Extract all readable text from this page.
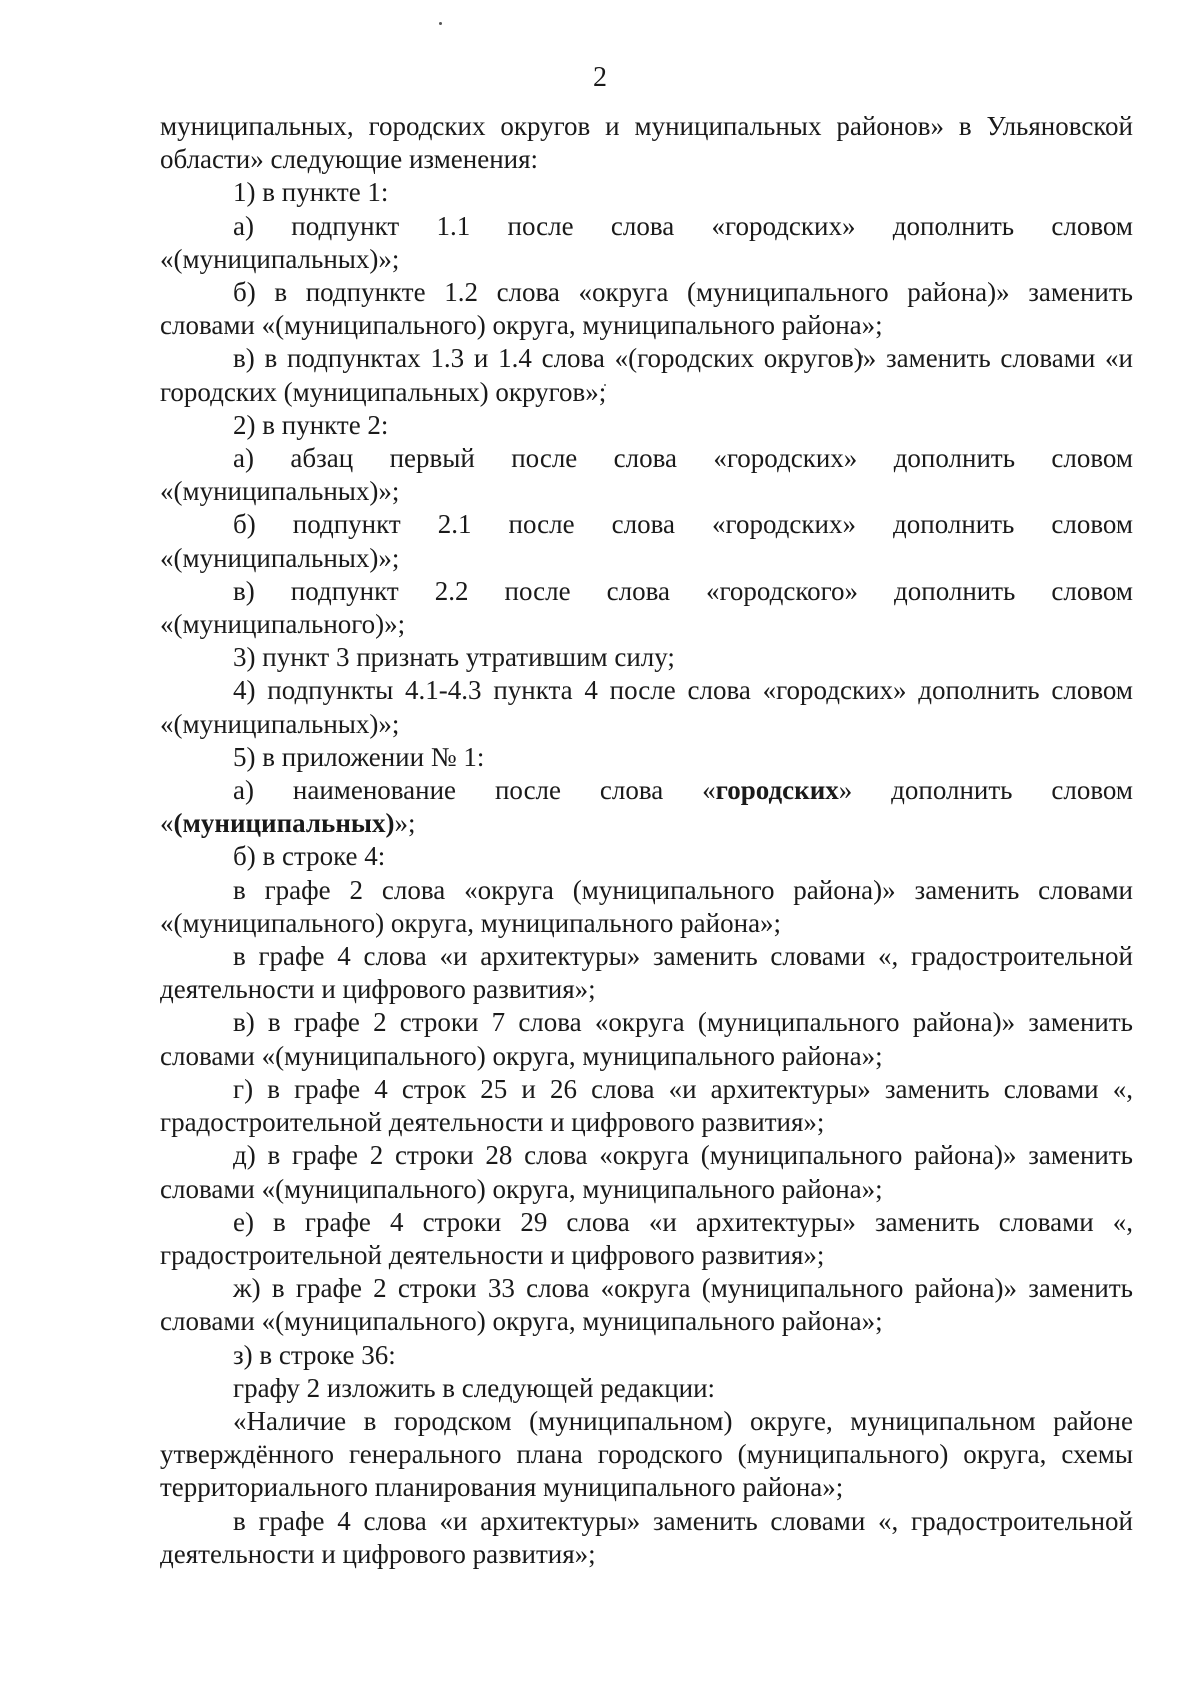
2

муниципальных, городских округов и муниципальных районов» в Ульяновской области» следующие изменения:

1) в пункте 1:

а) подпункт 1.1 после слова «городских» дополнить словом «(муниципальных)»;

б) в подпункте 1.2 слова «округа (муниципального района)» заменить словами «(муниципального) округа, муниципального района»;

в) в подпунктах 1.3 и 1.4 слова «(городских округов)» заменить словами «и городских (муниципальных) округов»;

2) в пункте 2:

а) абзац первый после слова «городских» дополнить словом «(муниципальных)»;

б) подпункт 2.1 после слова «городских» дополнить словом «(муниципальных)»;

в) подпункт 2.2 после слова «городского» дополнить словом «(муниципального)»;

3) пункт 3 признать утратившим силу;

4) подпункты 4.1-4.3 пункта 4 после слова «городских» дополнить словом «(муниципальных)»;

5) в приложении № 1:

а) наименование после слова «городских» дополнить словом «(муниципальных)»;

б) в строке 4:

в графе 2 слова «округа (муниципального района)» заменить словами «(муниципального) округа, муниципального района»;

в графе 4 слова «и архитектуры» заменить словами «, градостроительной деятельности и цифрового развития»;

в) в графе 2 строки 7 слова «округа (муниципального района)» заменить словами «(муниципального) округа, муниципального района»;

г) в графе 4 строк 25 и 26 слова «и архитектуры» заменить словами «, градостроительной деятельности и цифрового развития»;

д) в графе 2 строки 28 слова «округа (муниципального района)» заменить словами «(муниципального) округа, муниципального района»;

е) в графе 4 строки 29 слова «и архитектуры» заменить словами «, градостроительной деятельности и цифрового развития»;

ж) в графе 2 строки 33 слова «округа (муниципального района)» заменить словами «(муниципального) округа, муниципального района»;

з) в строке 36:

графу 2 изложить в следующей редакции:

«Наличие в городском (муниципальном) округе, муниципальном районе утверждённого генерального плана городского (муниципального) округа, схемы территориального планирования муниципального района»;

в графе 4 слова «и архитектуры» заменить словами «, градостроительной деятельности и цифрового развития»;
